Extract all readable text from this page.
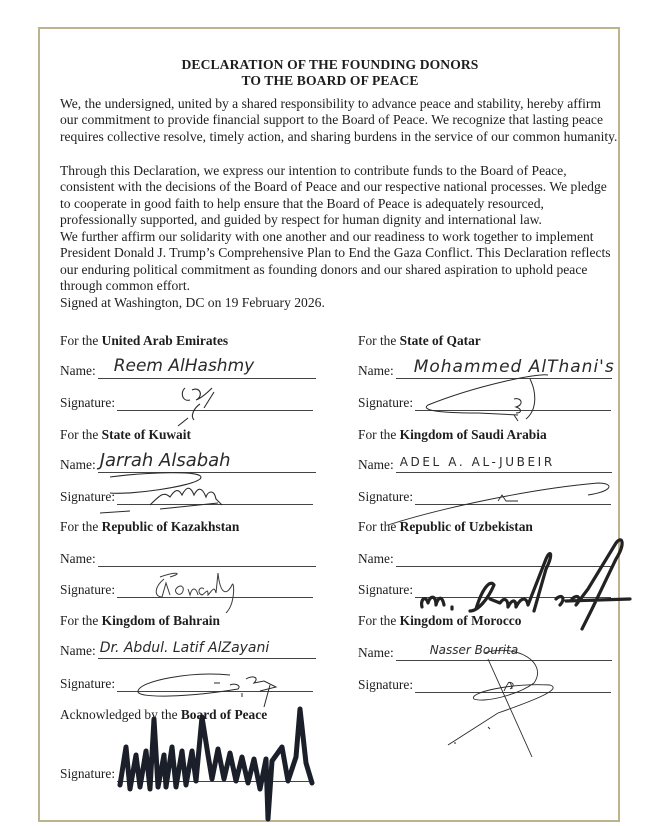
DECLARATION OF THE FOUNDING DONORS
TO THE BOARD OF PEACE

We, the undersigned, united by a shared responsibility to advance peace and stability, hereby affirm our commitment to provide financial support to the Board of Peace. We recognize that lasting peace requires collective resolve, timely action, and sharing burdens in the service of our common humanity.

Through this Declaration, we express our intention to contribute funds to the Board of Peace, consistent with the decisions of the Board of Peace and our respective national processes. We pledge to cooperate in good faith to help ensure that the Board of Peace is adequately resourced, professionally supported, and guided by respect for human dignity and international law.

We further affirm our solidarity with one another and our readiness to work together to implement President Donald J. Trump’s Comprehensive Plan to End the Gaza Conflict. This Declaration reflects our enduring political commitment as founding donors and our shared aspiration to uphold peace through common effort.

Signed at Washington, DC on 19 February 2026.

For the United Arab Emirates
Name: Reem AlHashmy
Signature:
For the State of Qatar
Name: Mohammed AlThani's
Signature:
For the State of Kuwait
Name: Jarrah Alsabah
Signature:
For the Kingdom of Saudi Arabia
Name: ADEL A. AL-JUBEIR
Signature:
For the Republic of Kazakhstan
Name:
Signature:
For the Republic of Uzbekistan
Name:
Signature:
For the Kingdom of Bahrain
Name: Dr. Abdul. Latif AlZayani
Signature:
For the Kingdom of Morocco
Name:	Nasser Bourita
Signature:
Acknowledged by the Board of Peace
Signature:
